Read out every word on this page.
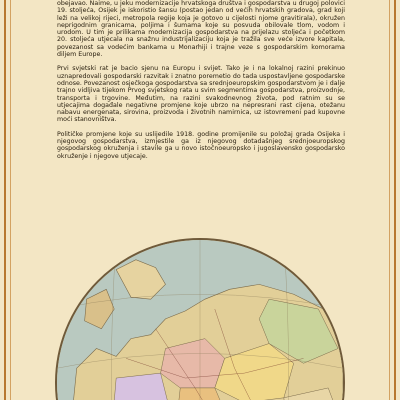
obejavao. Naime, u jeku modernizacije hrvatskoga društva i gospodarstva u drugoj polovici 19. stoljeća, Osijek je iskoristio šansu (postao jedan od većih hrvatskih gradova, grad koji leži na velikoj rijeci, metropola regije koja je gotovo u cijelosti njome gravitirala), okružen neprigodnim granicama, poljima i šumama koje su posvuda obilovale tlom, vodom i urodom. U tim je prilikama modernizacija gospodarstva na prijelazu stoljeća i početkom 20. stoljeća utjecala na snažnu industrijalizaciju koja je tražila sve veće izvore kapitala, povezanost sa vodećim bankama u Monarhiji i trajne veze s gospodarskim komorama diljem Europe.

Prvi svjetski rat je bacio sjenu na Europu i svijet. Tako je i na lokalnoj razini prekinuo uznapredovali gospodarski razvitak i znatno poremetio do tada uspostavljene gospodarske odnose. Povezanost osječkoga gospodarstva sa srednjoeuropskim gospodarstvom je i dalje trajno vidljiva tijekom Prvog svjetskog rata u svim segmentima gospodarstva, proizvodnje, transporta i trgovine. Međutim, na razini svakodnevnog života, pod ratnim su se utjecajima događale negativne promjene koje ubrzo na nepresrani rast cijena, otežanu nabavu energenata, sirovina, proizvoda i životnih namirnica, uz istovremeni pad kupovne moći stanovništva.

Političke promjene koje su uslijedile 1918. godine promijenile su položaj grada Osijeka i njegovog gospodarstva, izmjestile ga iz njegovog dotadašnjeg srednjoeuropskog gospodarskog okruženja i stavile ga u novo istočnoeuropsko i jugoslavensko gospodarsko okruženje i njegove utjecaje.
